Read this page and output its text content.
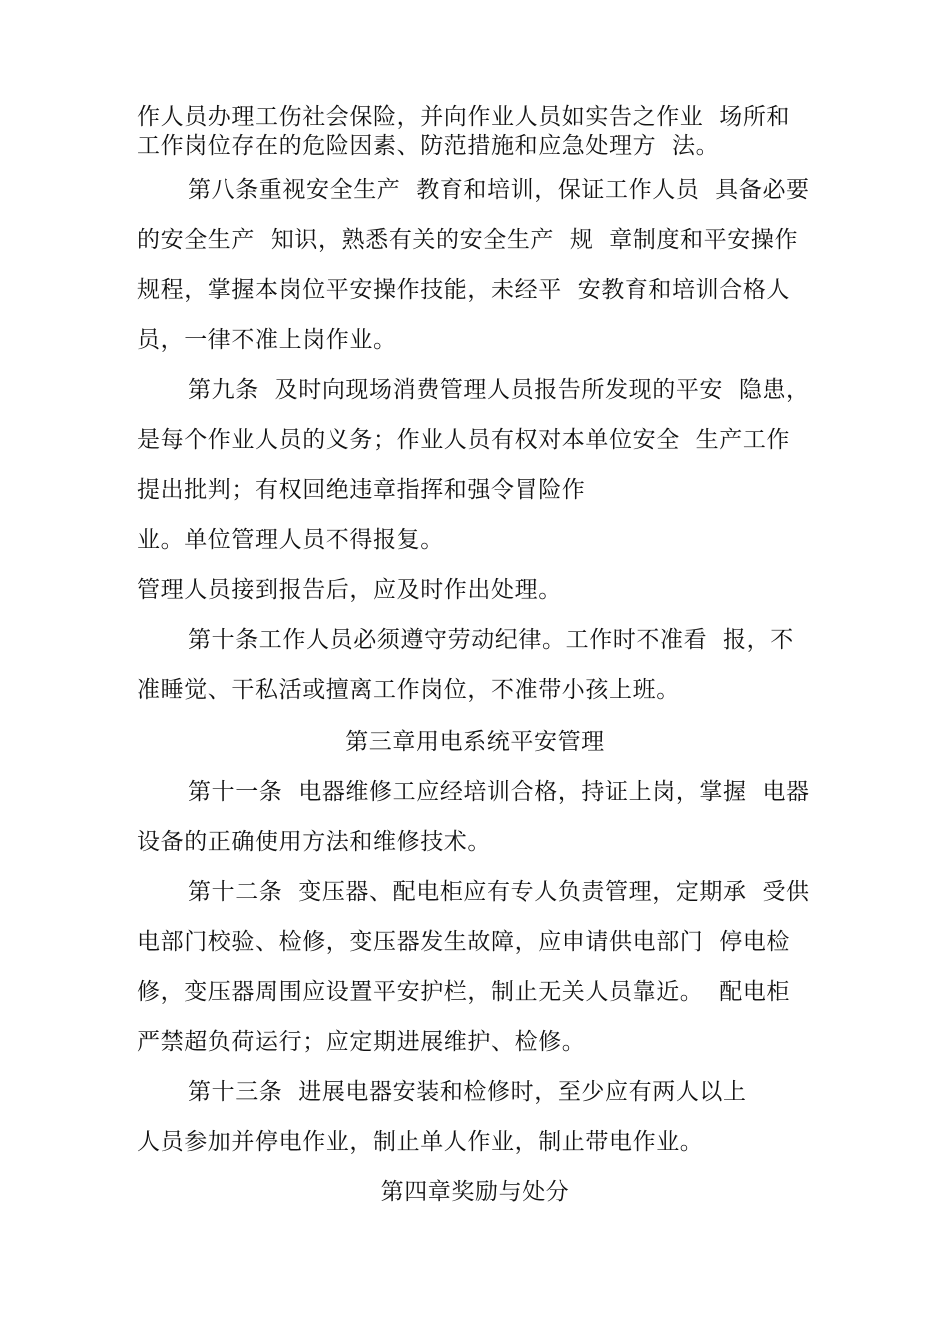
作人员办理工伤社会保险，并向作业人员如实告之作业  场所和
工作岗位存在的危险因素、防范措施和应急处理方  法。
第八条重视安全生产  教育和培训，保证工作人员  具备必要
的安全生产  知识，熟悉有关的安全生产  规  章制度和平安操作
规程，掌握本岗位平安操作技能，未经平  安教育和培训合格人
员，一律不准上岗作业。
第九条  及时向现场消费管理人员报告所发现的平安  隐患，
是每个作业人员的义务；作业人员有权对本单位安全  生产工作
提出批判；有权回绝违章指挥和强令冒险作
业。单位管理人员不得报复。
管理人员接到报告后，应及时作出处理。
第十条工作人员必须遵守劳动纪律。工作时不准看  报，不
准睡觉、干私活或擅离工作岗位，不准带小孩上班。
第三章用电系统平安管理
第十一条  电器维修工应经培训合格，持证上岗，掌握  电器
设备的正确使用方法和维修技术。
第十二条  变压器、配电柜应有专人负责管理，定期承  受供
电部门校验、检修，变压器发生故障，应申请供电部门  停电检
修，变压器周围应设置平安护栏，制止无关人员靠近。  配电柜
严禁超负荷运行；应定期进展维护、检修。
第十三条  进展电器安装和检修时，至少应有两人以上
人员参加并停电作业，制止单人作业，制止带电作业。
第四章奖励与处分
